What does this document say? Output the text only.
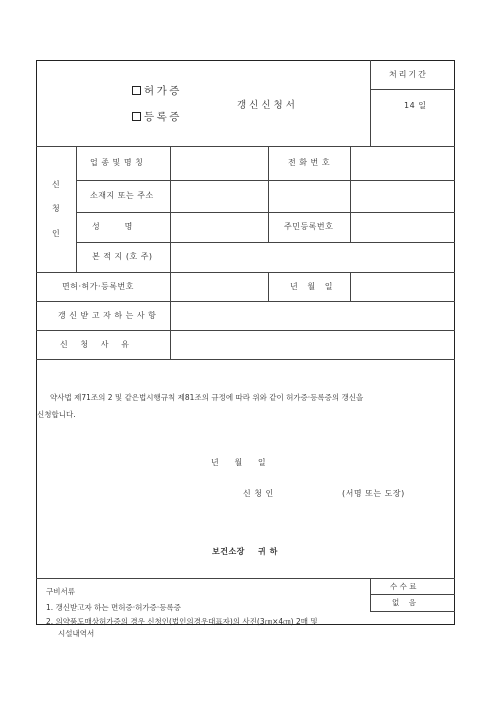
허가증
등록증
갱신신청서
처리기간
14 일
신
청
인
업 종 및 명 칭	전 화 번 호
소재지 또는 주소
성        명	주민등록번호
본 적 지 (호 주)
면허·허가·등록번호	년   월   일
갱 신 받 고 자 하 는 사 항
신    청    사    유
약사법 제71조의 2 및 같은법시행규칙 제81조의 규정에 따라 위와 같이 허가증·등록증의 갱신을
신청합니다.
년     월     일
신 청 인	(서명 또는 도장)
보건소장    귀 하
구비서류
1. 갱신받고자 하는 면허증·허가증·등록증
2. 의약품도매상허가증의 경우 신청인(법인의경우대표자)의 사진(3㎝×4㎝) 2매 및
시설내역서
수 수 료
없    음
